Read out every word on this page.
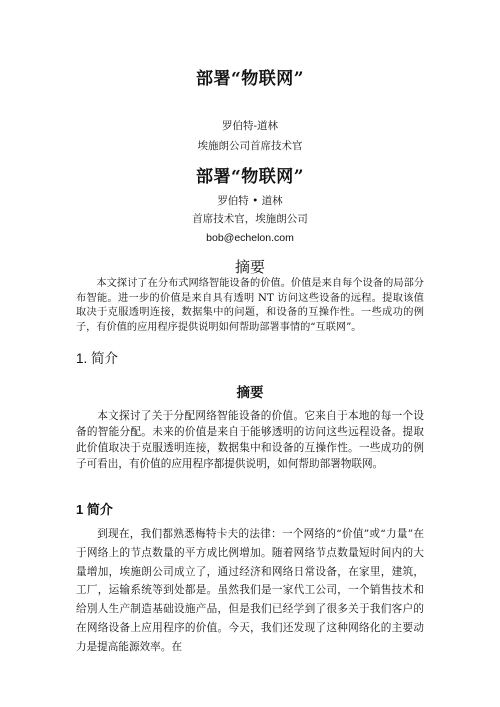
部署“物联网”
罗伯特-道林
埃施朗公司首席技术官
部署“物联网”
罗伯特 • 道林
首席技术官，埃施朗公司
bob@echelon.com
摘要
本文探讨了在分布式网络智能设备的价值。价值是来自每个设备的局部分布智能。进一步的价值是来自具有透明 NT 访问这些设备的远程。提取该值取决于克服透明连接，数据集中的问题，和设备的互操作性。一些成功的例子，有价值的应用程序提供说明如何帮助部署事情的“互联网”。
1. 简介
摘要
本文探讨了关于分配网络智能设备的价值。它来自于本地的每一个设备的智能分配。未来的价值是来自于能够透明的访问这些远程设备。提取此价值取决于克服透明连接，数据集中和设备的互操作性。一些成功的例子可看出，有价值的应用程序都提供说明，如何帮助部署物联网。
1 简介
到现在，我们都熟悉梅特卡夫的法律：一个网络的“价值”或“力量”在于网络上的节点数量的平方成比例增加。随着网络节点数量短时间内的大量增加，埃施朗公司成立了，通过经济和网络日常设备，在家里，建筑，工厂，运输系统等到处都是。虽然我们是一家代工公司，一个销售技术和给別人生产制造基础设施产品，但是我们已经学到了很多关于我们客户的在网络设备上应用程序的价值。今天，我们还发现了这种网络化的主要动力是提高能源效率。在
